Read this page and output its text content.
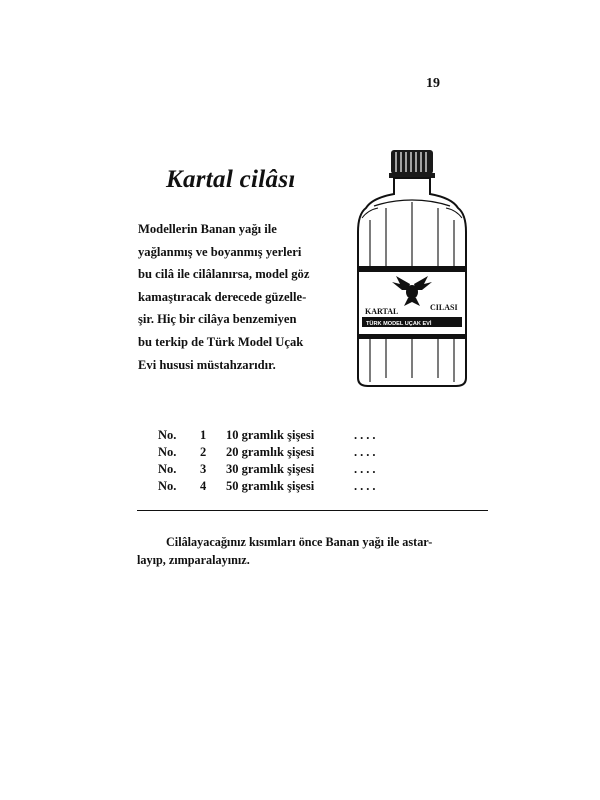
19
Kartal cilâsı

Modellerin Banan yağı ile
yağlanmış ve boyanmış yerleri
bu cilâ ile cilâlanırsa, model göz
kamaştıracak derecede güzelle-
şir. Hiç bir cilâya benzemiyen
bu terkip de Türk Model Uçak
Evi hususi müstahzarıdır.

KARTAL	CILASI
TÜRK MODEL UÇAK EVİ
No.	1	10 gramlık şişesi	....
No.	2	20 gramlık şişesi	....
No.	3	30 gramlık şişesi	....
No.	4	50 gramlık şişesi	....

Cilâlayacağınız kısımları önce Banan yağı ile astar-
layıp, zımparalayınız.
